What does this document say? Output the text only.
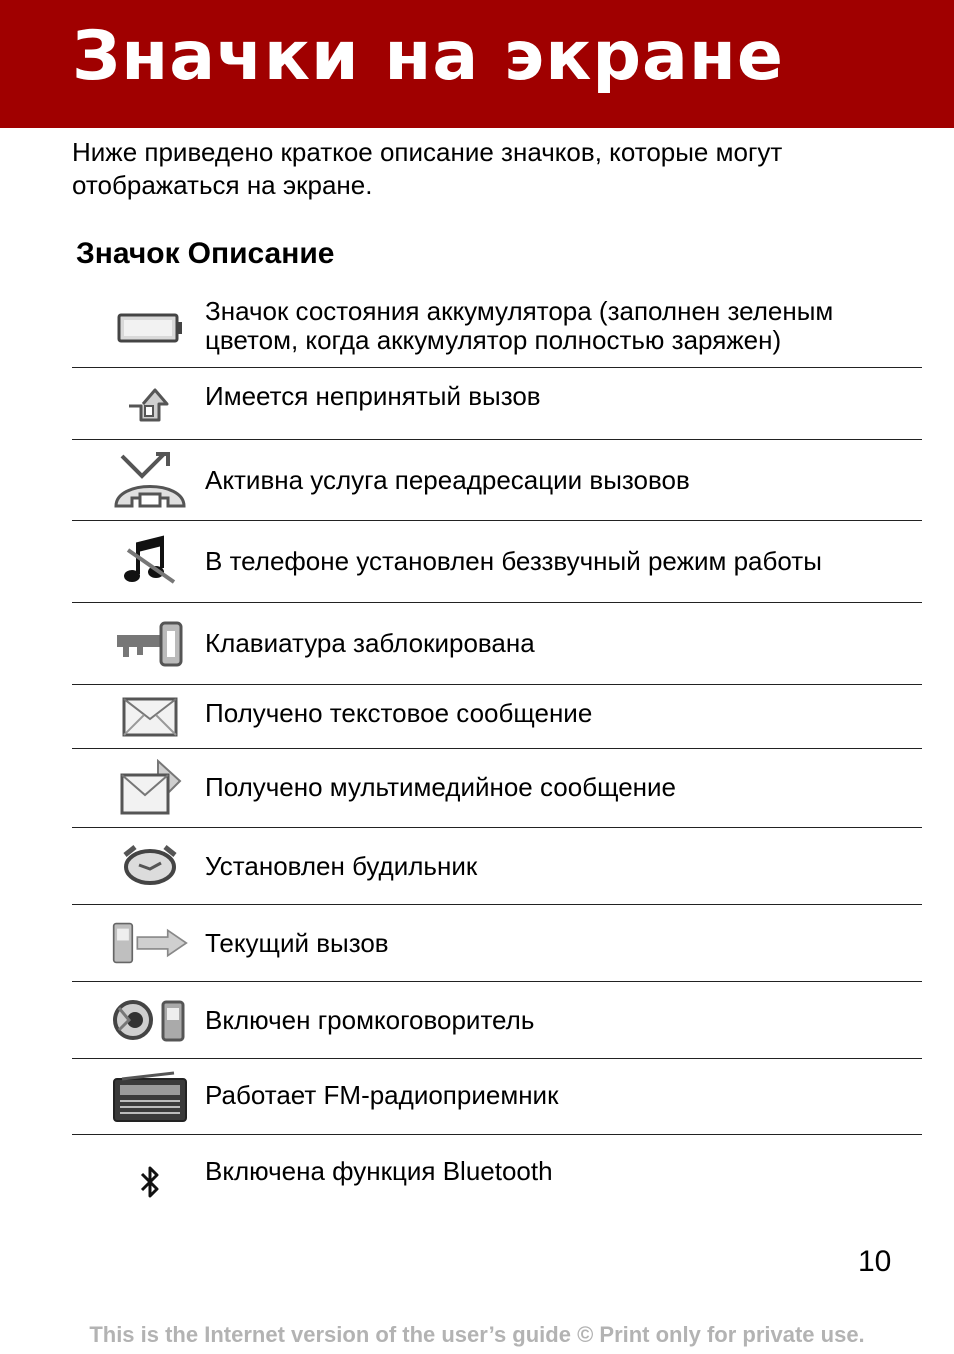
Значки на экране
Ниже приведено краткое описание значков, которые могут отображаться на экране.
Значок Описание
Значок состояния аккумулятора (заполнен зеленым
цветом, когда аккумулятор полностью заряжен)
Имеется непринятый вызов
Активна услуга переадресации вызовов
В телефоне установлен беззвучный режим работы
Клавиатура заблокирована
Получено текстовое сообщение
Получено мультимедийное сообщение
Установлен будильник
Текущий вызов
Включен громкоговоритель
Работает FM-радиоприемник
Включена функция Bluetooth
10
This is the Internet version of the user’s guide © Print only for private use.
